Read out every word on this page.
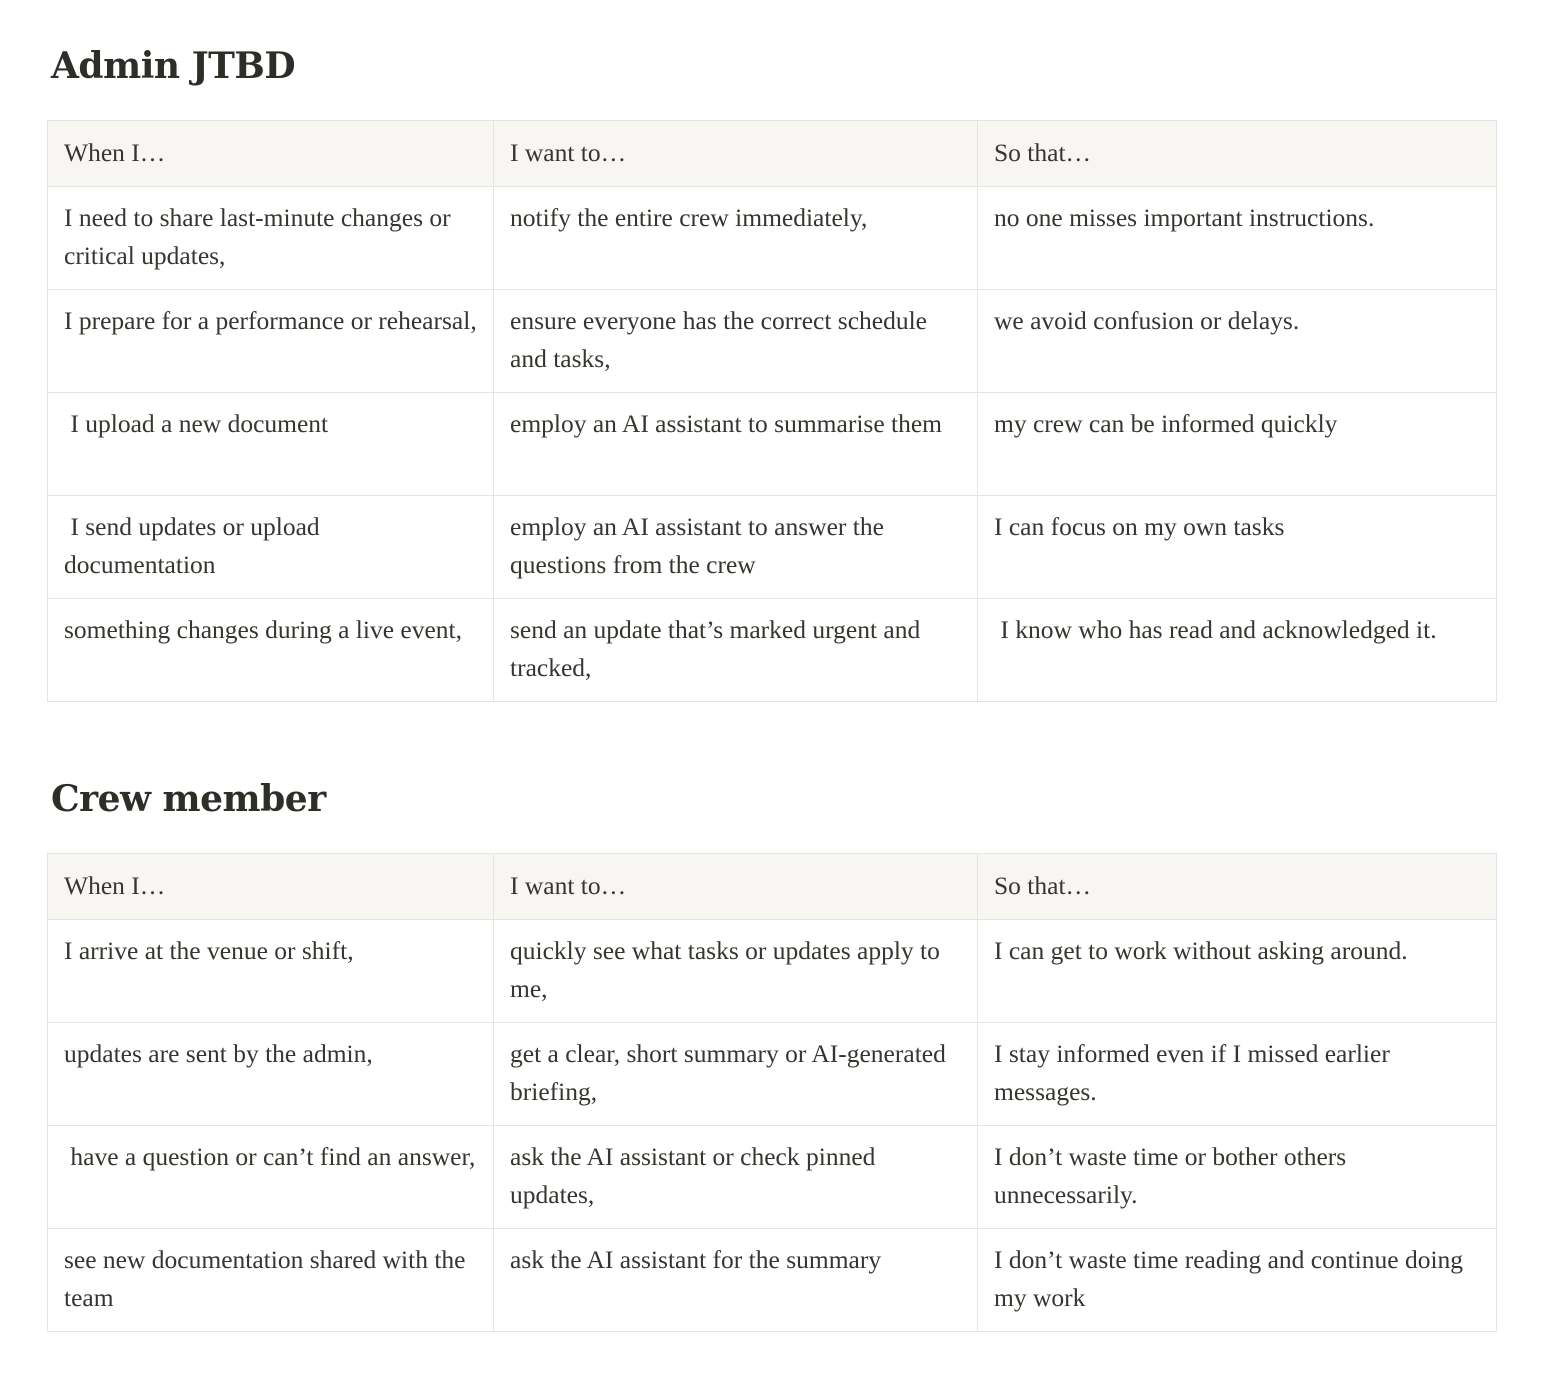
Admin JTBD
When I…	I want to…	So that…
I need to share last-minute changes or critical updates,	notify the entire crew immediately,	no one misses important instructions.
I prepare for a performance or rehearsal,	ensure everyone has the correct schedule and tasks,	we avoid confusion or delays.
I upload a new document	employ an AI assistant to summarise them	my crew can be informed quickly
I send updates or upload documentation	employ an AI assistant to answer the questions from the crew	I can focus on my own tasks
something changes during a live event,	send an update that’s marked urgent and tracked,	I know who has read and acknowledged it.
Crew member
When I…	I want to…	So that…
I arrive at the venue or shift,	quickly see what tasks or updates apply to me,	I can get to work without asking around.
updates are sent by the admin,	get a clear, short summary or AI-generated briefing,	I stay informed even if I missed earlier messages.
have a question or can’t find an answer,	ask the AI assistant or check pinned updates,	I don’t waste time or bother others unnecessarily.
see new documentation shared with the team	ask the AI assistant for the summary	I don’t waste time reading and continue doing my work
